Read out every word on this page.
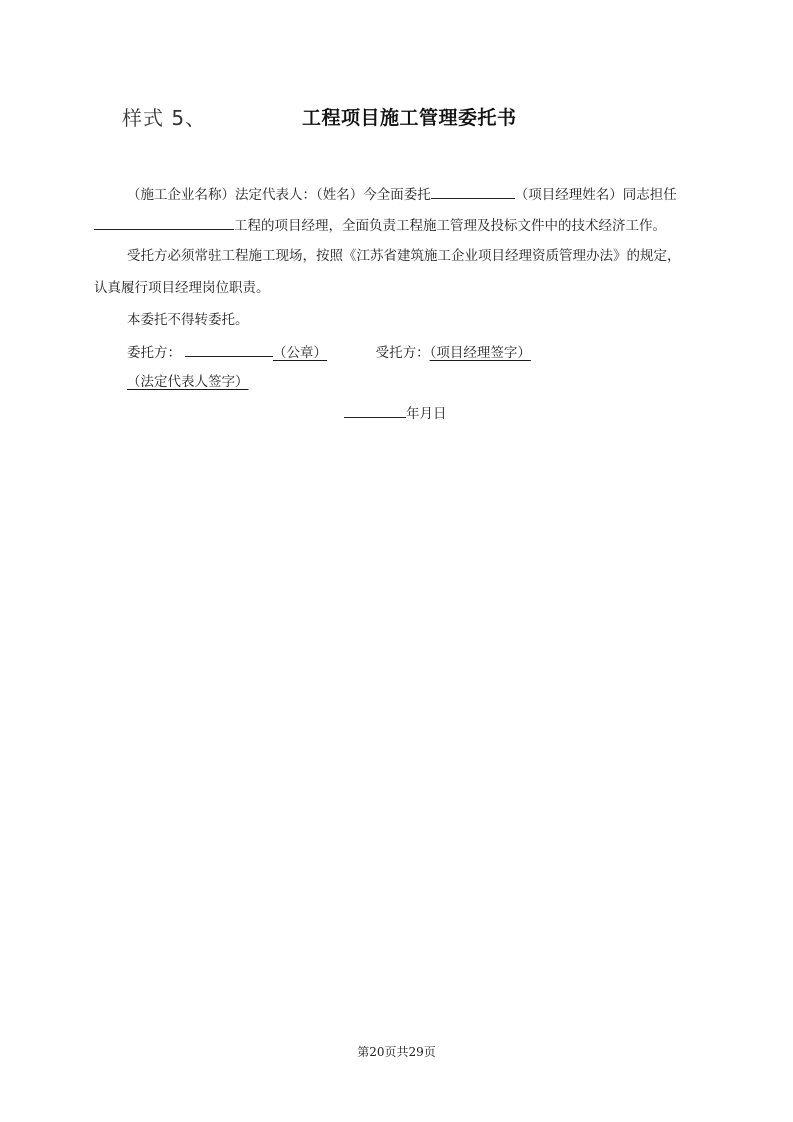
样式 5、	工程项目施工管理委托书
（施工企业名称）法定代表人：（姓名）今全面委托	（项目经理姓名）同志担任
工程的项目经理，全面负责工程施工管理及投标文件中的技术经济工作。
受托方必须常驻工程施工现场，按照《江苏省建筑施工企业项目经理资质管理办法》的规定，
认真履行项目经理岗位职责。
本委托不得转委托。
委托方：	（公章）	受托方：（项目经理签字）
（法定代表人签字）
年月日
第20页共29页
